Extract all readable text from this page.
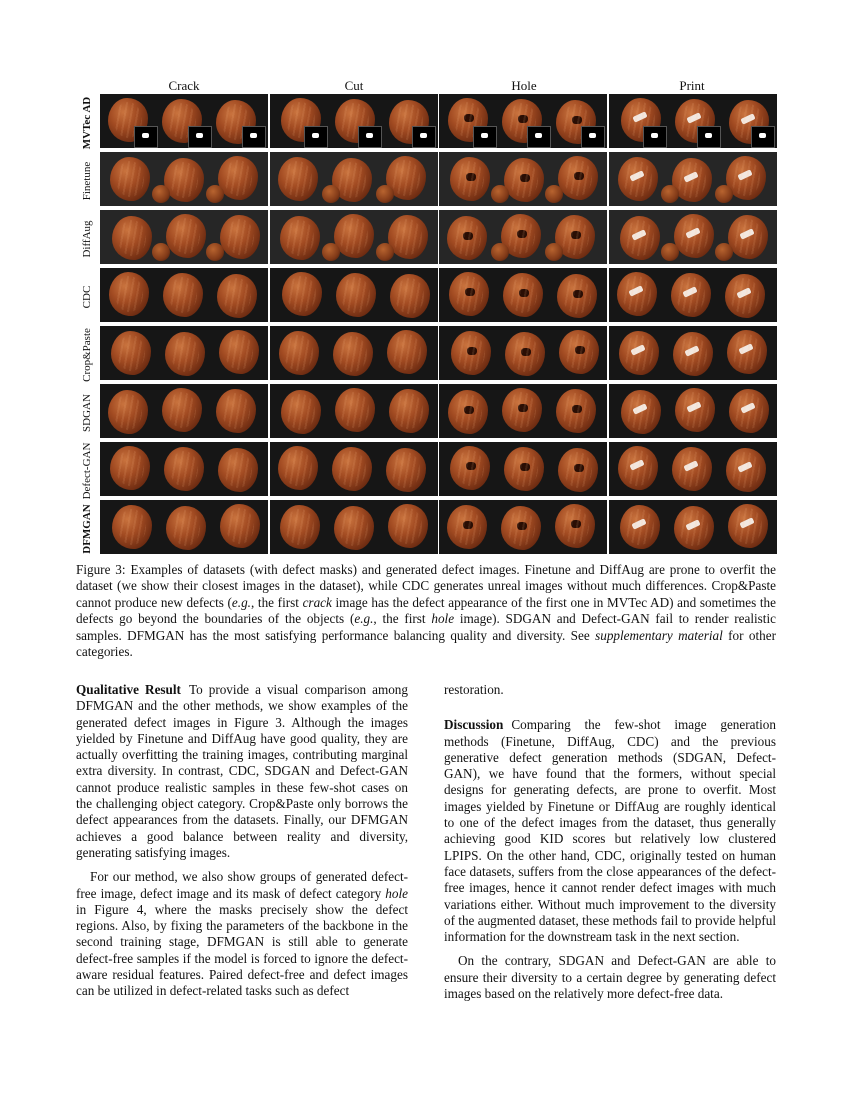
Crack	Cut	Hole	Print
MVTec AD
Finetune
DiffAug
CDC
Crop&Paste
SDGAN
Defect-GAN
DFMGAN
Figure 3: Examples of datasets (with defect masks) and generated defect images. Finetune and DiffAug are prone to overfit the dataset (we show their closest images in the dataset), while CDC generates unreal images without much differences. Crop&Paste cannot produce new defects (e.g., the first crack image has the defect appearance of the first one in MVTec AD) and sometimes the defects go beyond the boundaries of the objects (e.g., the first hole image). SDGAN and Defect-GAN fail to render realistic samples. DFMGAN has the most satisfying performance balancing quality and diversity. See supplementary material for other categories.

Qualitative Result To provide a visual comparison among DFMGAN and the other methods, we show examples of the generated defect images in Figure 3. Although the images yielded by Finetune and DiffAug have good quality, they are actually overfitting the training images, contributing marginal extra diversity. In contrast, CDC, SDGAN and Defect-GAN cannot produce realistic samples in these few-shot cases on the challenging object category. Crop&Paste only borrows the defect appearances from the datasets. Finally, our DFMGAN achieves a good balance between reality and diversity, generating satisfying images.

For our method, we also show groups of generated defect-free image, defect image and its mask of defect category hole in Figure 4, where the masks precisely show the defect regions. Also, by fixing the parameters of the backbone in the second training stage, DFMGAN is still able to generate defect-free samples if the model is forced to ignore the defect-aware residual features. Paired defect-free and defect images can be utilized in defect-related tasks such as defect

restoration.

Discussion Comparing the few-shot image generation methods (Finetune, DiffAug, CDC) and the previous generative defect generation methods (SDGAN, Defect-GAN), we have found that the formers, without special designs for generating defects, are prone to overfit. Most images yielded by Finetune or DiffAug are roughly identical to one of the defect images from the dataset, thus generally achieving good KID scores but relatively low clustered LPIPS. On the other hand, CDC, originally tested on human face datasets, suffers from the close appearances of the defect-free images, hence it cannot render defect images with much variations either. Without much improvement to the diversity of the augmented dataset, these methods fail to provide helpful information for the downstream task in the next section.

On the contrary, SDGAN and Defect-GAN are able to ensure their diversity to a certain degree by generating defect images based on the relatively more defect-free data.
